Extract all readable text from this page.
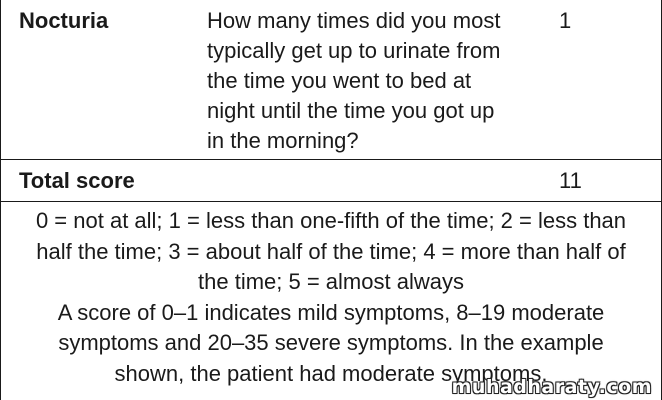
Nocturia	How many times did you most
typically get up to urinate from
the time you went to bed at
night until the time you got up
in the morning?
1
Total score	11
0 = not at all; 1 = less than one-fifth of the time; 2 = less than
half the time; 3 = about half of the time; 4 = more than half of
the time; 5 = almost always
A score of 0–1 indicates mild symptoms, 8–19 moderate
symptoms and 20–35 severe symptoms. In the example
shown, the patient had moderate symptoms.
muhadharaty.com
